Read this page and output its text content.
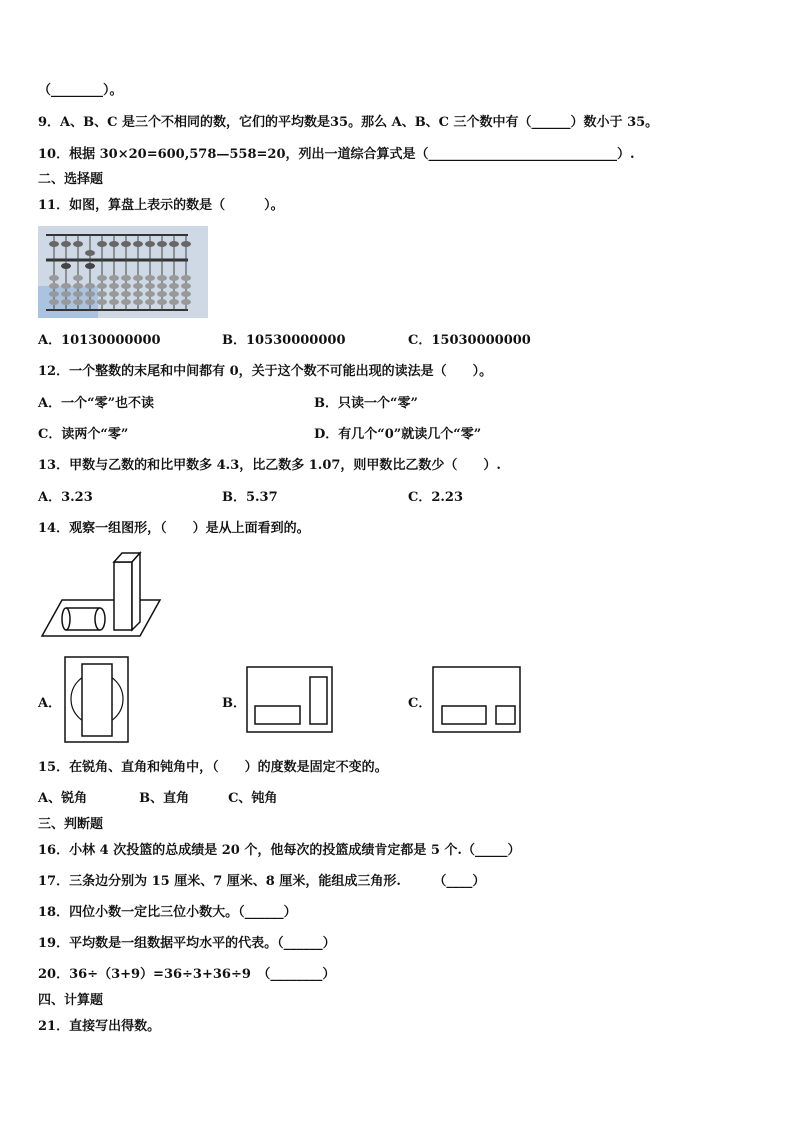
（________）。
9．A、B、C 是三个不相同的数，它们的平均数是35。那么 A、B、C 三个数中有（______）数小于 35。
10．根据 30×20=600,578—558=20，列出一道综合算式是（_____________________________）.
二、选择题
11．如图，算盘上表示的数是（　　　）。
A．10130000000	B．10530000000	C．15030000000
12．一个整数的末尾和中间都有 0，关于这个数不可能出现的读法是（　　）。
A．一个“零”也不读	B．只读一个“零”
C．读两个“零”	D．有几个“0”就读几个“零”
13．甲数与乙数的和比甲数多 4.3，比乙数多 1.07，则甲数比乙数少（　　）.
A．3.23	B．5.37	C．2.23
14．观察一组图形，（　　）是从上面看到的。
A．	B．	C．
15．在锐角、直角和钝角中，（　　）的度数是固定不变的。
A、锐角　　　　B、直角　　　C、钝角
三、判断题
16．小林 4 次投篮的总成绩是 20 个，他每次的投篮成绩肯定都是 5 个.（_____）
17．三条边分别为 15 厘米、7 厘米、8 厘米，能组成三角形.　　　（____）
18．四位小数一定比三位小数大。（______）
19．平均数是一组数据平均水平的代表。（______）
20．36÷（3+9）=36÷3+36÷9　（________）
四、计算题
21．直接写出得数。
